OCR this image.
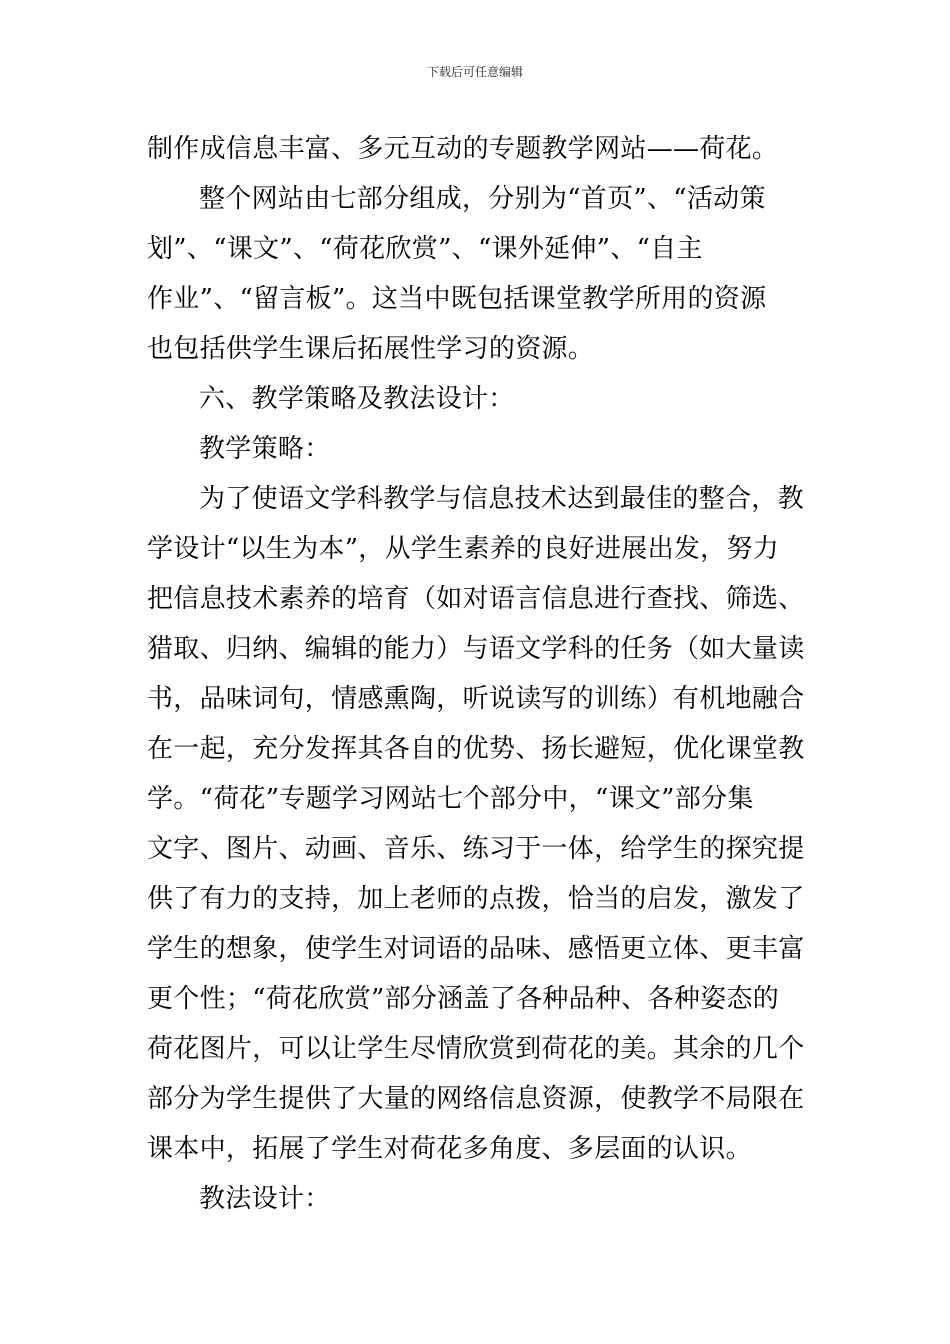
下载后可任意编辑
制作成信息丰富、多元互动的专题教学网站——荷花。
整个网站由七部分组成，分别为“首页”、“活动策
划”、“课文”、“荷花欣赏”、“课外延伸”、“自主
作业”、“留言板”。这当中既包括课堂教学所用的资源
也包括供学生课后拓展性学习的资源。
六、教学策略及教法设计：
教学策略：
为了使语文学科教学与信息技术达到最佳的整合，教
学设计“以生为本”，从学生素养的良好进展出发，努力
把信息技术素养的培育（如对语言信息进行查找、筛选、
猎取、归纳、编辑的能力）与语文学科的任务（如大量读
书，品味词句，情感熏陶，听说读写的训练）有机地融合
在一起，充分发挥其各自的优势、扬长避短，优化课堂教
学。“荷花”专题学习网站七个部分中，“课文”部分集
文字、图片、动画、音乐、练习于一体，给学生的探究提
供了有力的支持，加上老师的点拨，恰当的启发，激发了
学生的想象，使学生对词语的品味、感悟更立体、更丰富
更个性；“荷花欣赏”部分涵盖了各种品种、各种姿态的
荷花图片，可以让学生尽情欣赏到荷花的美。其余的几个
部分为学生提供了大量的网络信息资源，使教学不局限在
课本中，拓展了学生对荷花多角度、多层面的认识。
教法设计：
